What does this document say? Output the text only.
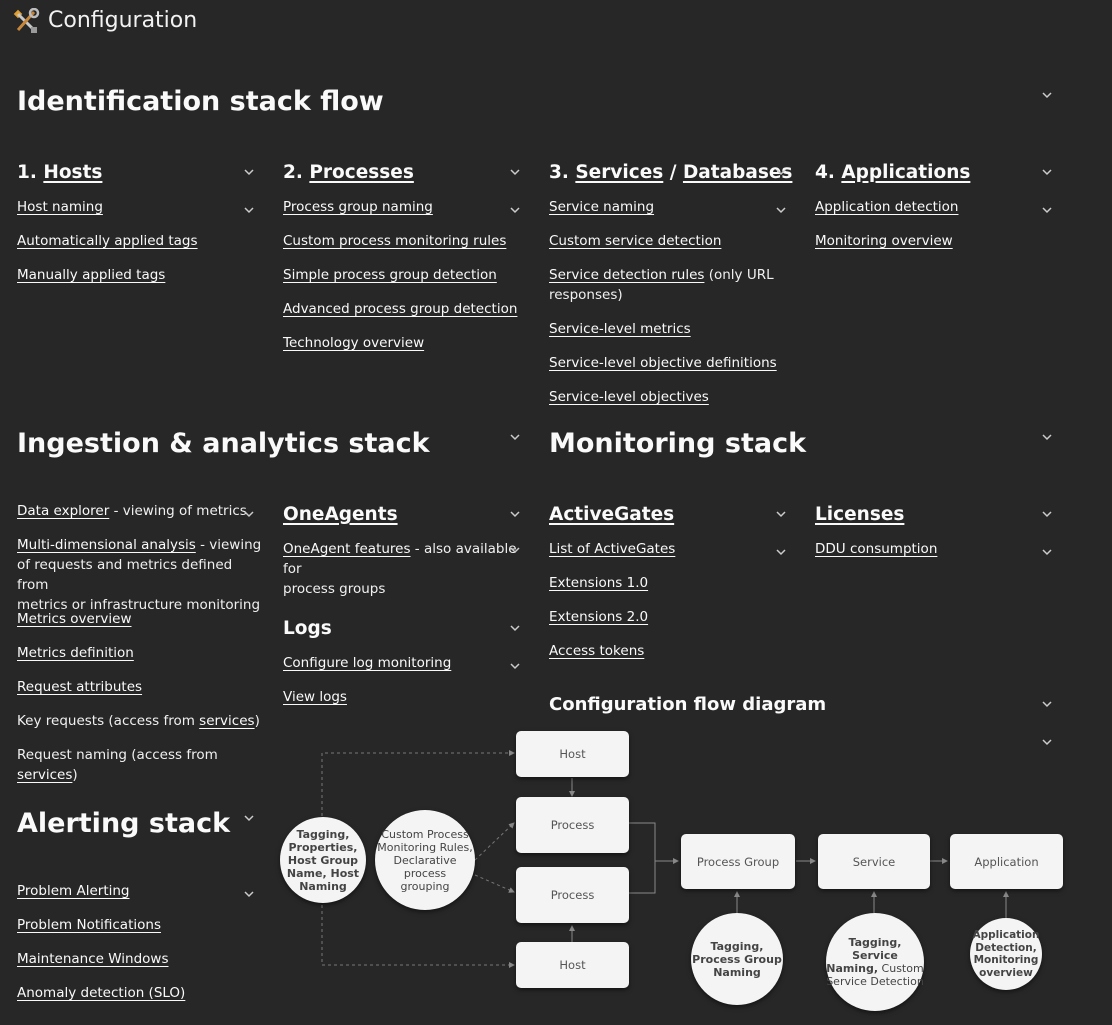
Configuration
Identification stack flow
1. Hosts
Host naming
Automatically applied tags
Manually applied tags
2. Processes
Process group naming
Custom process monitoring rules
Simple process group detection
Advanced process group detection
Technology overview
3. Services / Databases
Service naming
Custom service detection
Service detection rules (only URL
responses)
Service-level metrics
Service-level objective definitions
Service-level objectives
4. Applications
Application detection
Monitoring overview
Ingestion & analytics stack
Data explorer - viewing of metrics
Multi-dimensional analysis - viewing
of requests and metrics defined from
metrics or infrastructure monitoring
Metrics overview
Metrics definition
Request attributes
Key requests (access from services)
Request naming (access from services)
OneAgents
OneAgent features - also available for
process groups
Logs
Configure log monitoring
View logs
Monitoring stack
ActiveGates
List of ActiveGates
Extensions 1.0
Extensions 2.0
Access tokens
Licenses
DDU consumption
Configuration flow diagram
Alerting stack
Problem Alerting
Problem Notifications
Maintenance Windows
Anomaly detection (SLO)
Host
Process
Process
Host
Process Group	Service	Application
Tagging,
Properties,
Host Group
Name, Host
Naming
Custom Process
Monitoring Rules,
Declarative process
grouping
Tagging,
Process Group
Naming
Tagging, Service
Naming, Custom
Service Detection
Application
Detection,
Monitoring
overview
